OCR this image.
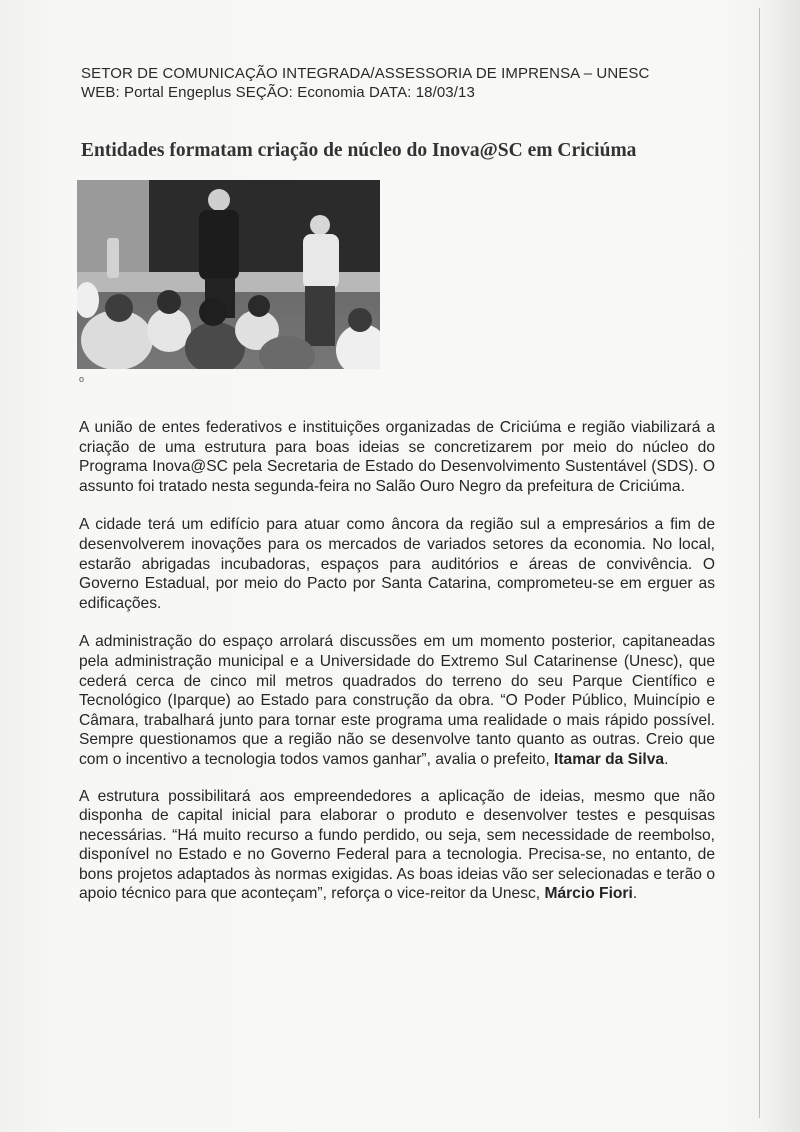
SETOR DE COMUNICAÇÃO INTEGRADA/ASSESSORIA DE IMPRENSA – UNESC
WEB: Portal Engeplus SEÇÃO: Economia DATA: 18/03/13
Entidades formatam criação de núcleo do Inova@SC em Criciúma
o

A união de entes federativos e instituições organizadas de Criciúma e região viabilizará a criação de uma estrutura para boas ideias se concretizarem por meio do núcleo do Programa Inova@SC pela Secretaria de Estado do Desenvolvimento Sustentável (SDS). O assunto foi tratado nesta segunda-feira no Salão Ouro Negro da prefeitura de Criciúma.

A cidade terá um edifício para atuar como âncora da região sul a empresários a fim de desenvolverem inovações para os mercados de variados setores da economia. No local, estarão abrigadas incubadoras, espaços para auditórios e áreas de convivência. O Governo Estadual, por meio do Pacto por Santa Catarina, comprometeu-se em erguer as edificações.

A administração do espaço arrolará discussões em um momento posterior, capitaneadas pela administração municipal e a Universidade do Extremo Sul Catarinense (Unesc), que cederá cerca de cinco mil metros quadrados do terreno do seu Parque Científico e Tecnológico (Iparque) ao Estado para construção da obra. “O Poder Público, Muincípio e Câmara, trabalhará junto para tornar este programa uma realidade o mais rápido possível. Sempre questionamos que a região não se desenvolve tanto quanto as outras. Creio que com o incentivo a tecnologia todos vamos ganhar”, avalia o prefeito, Itamar da Silva.

A estrutura possibilitará aos empreendedores a aplicação de ideias, mesmo que não disponha de capital inicial para elaborar o produto e desenvolver testes e pesquisas necessárias. “Há muito recurso a fundo perdido, ou seja, sem necessidade de reembolso, disponível no Estado e no Governo Federal para a tecnologia. Precisa-se, no entanto, de bons projetos adaptados às normas exigidas. As boas ideias vão ser selecionadas e terão o apoio técnico para que aconteçam”, reforça o vice-reitor da Unesc, Márcio Fiori.
